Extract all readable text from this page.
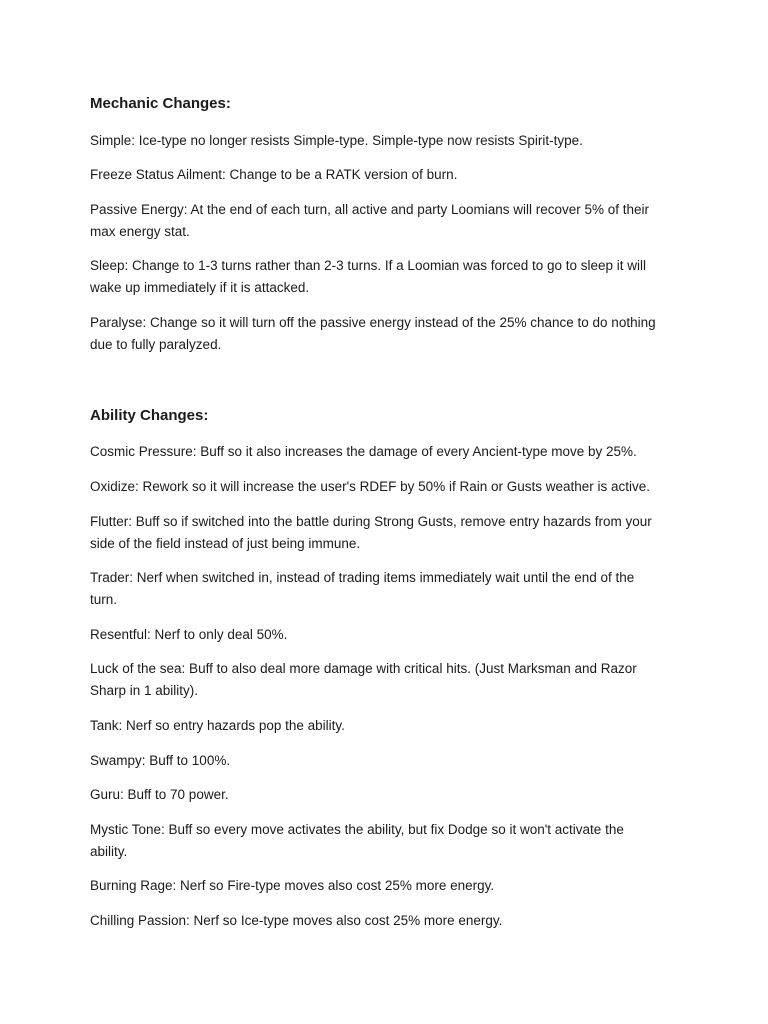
Mechanic Changes:

Simple: Ice-type no longer resists Simple-type. Simple-type now resists Spirit-type.

Freeze Status Ailment: Change to be a RATK version of burn.

Passive Energy: At the end of each turn, all active and party Loomians will recover 5% of their max energy stat.

Sleep: Change to 1-3 turns rather than 2-3 turns. If a Loomian was forced to go to sleep it will wake up immediately if it is attacked.

Paralyse: Change so it will turn off the passive energy instead of the 25% chance to do nothing due to fully paralyzed.

Ability Changes:

Cosmic Pressure: Buff so it also increases the damage of every Ancient-type move by 25%.

Oxidize: Rework so it will increase the user's RDEF by 50% if Rain or Gusts weather is active.

Flutter: Buff so if switched into the battle during Strong Gusts, remove entry hazards from your side of the field instead of just being immune.

Trader: Nerf when switched in, instead of trading items immediately wait until the end of the turn.

Resentful: Nerf to only deal 50%.

Luck of the sea: Buff to also deal more damage with critical hits. (Just Marksman and Razor Sharp in 1 ability).

Tank: Nerf so entry hazards pop the ability.

Swampy: Buff to 100%.

Guru: Buff to 70 power.

Mystic Tone: Buff so every move activates the ability, but fix Dodge so it won't activate the ability.

Burning Rage: Nerf so Fire-type moves also cost 25% more energy.

Chilling Passion: Nerf so Ice-type moves also cost 25% more energy.
